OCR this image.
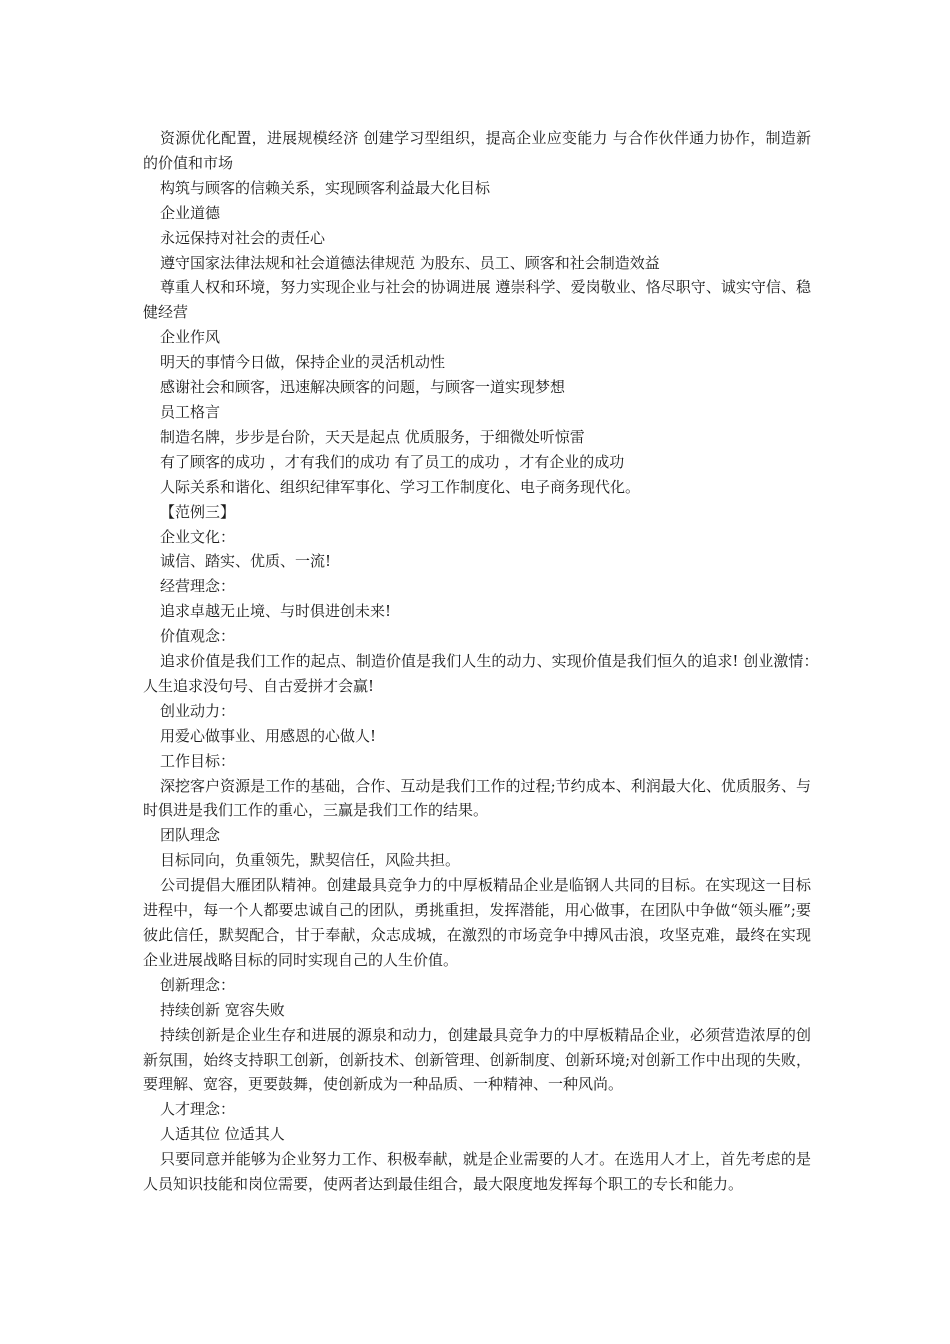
资源优化配置，进展规模经济 创建学习型组织，提高企业应变能力 与合作伙伴通力协作，制造新的价值和市场

构筑与顾客的信赖关系，实现顾客利益最大化目标

企业道德

永远保持对社会的责任心

遵守国家法律法规和社会道德法律规范 为股东、员工、顾客和社会制造效益

尊重人权和环境，努力实现企业与社会的协调进展 遵崇科学、爱岗敬业、恪尽职守、诚实守信、稳健经营

企业作风

明天的事情今日做，保持企业的灵活机动性

感谢社会和顾客，迅速解决顾客的问题，与顾客一道实现梦想

员工格言

制造名牌，步步是台阶，天天是起点 优质服务，于细微处听惊雷

有了顾客的成功 ，才有我们的成功 有了员工的成功 ，才有企业的成功

人际关系和谐化、组织纪律军事化、学习工作制度化、电子商务现代化。

【范例三】

企业文化：

诚信、踏实、优质、一流!

经营理念：

追求卓越无止境、与时俱进创未来!

价值观念：

追求价值是我们工作的起点、制造价值是我们人生的动力、实现价值是我们恒久的追求! 创业激情：　人生追求没句号、自古爱拼才会赢!

创业动力：

用爱心做事业、用感恩的心做人!

工作目标：

深挖客户资源是工作的基础，合作、互动是我们工作的过程;节约成本、利润最大化、优质服务、与时俱进是我们工作的重心，三赢是我们工作的结果。

团队理念

目标同向，负重领先，默契信任，风险共担。

公司提倡大雁团队精神。创建最具竞争力的中厚板精品企业是临钢人共同的目标。在实现这一目标进程中，每一个人都要忠诚自己的团队，勇挑重担，发挥潜能，用心做事，在团队中争做“领头雁”;要彼此信任，默契配合，甘于奉献，众志成城，在激烈的市场竞争中搏风击浪，攻坚克难，最终在实现企业进展战略目标的同时实现自己的人生价值。

创新理念：

持续创新 宽容失败

持续创新是企业生存和进展的源泉和动力，创建最具竞争力的中厚板精品企业，必须营造浓厚的创新氛围，始终支持职工创新，创新技术、创新管理、创新制度、创新环境;对创新工作中出现的失败，要理解、宽容，更要鼓舞，使创新成为一种品质、一种精神、一种风尚。

人才理念：

人适其位 位适其人

只要同意并能够为企业努力工作、积极奉献，就是企业需要的人才。在选用人才上，首先考虑的是人员知识技能和岗位需要，使两者达到最佳组合，最大限度地发挥每个职工的专长和能力。
